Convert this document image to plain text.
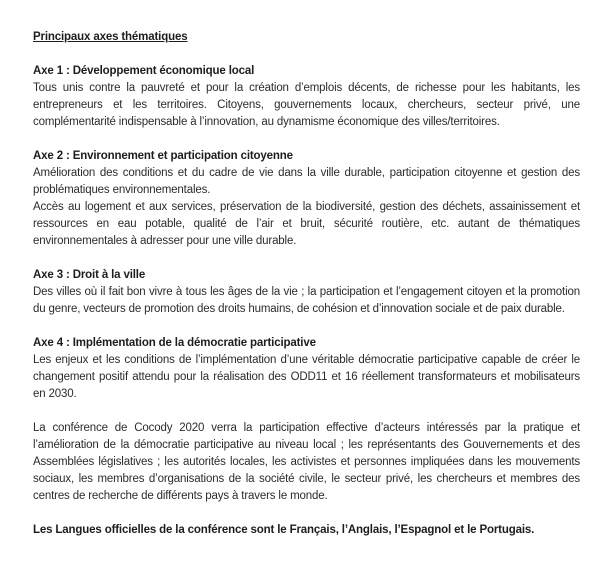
Principaux axes thématiques
Axe 1 : Développement économique local

Tous unis contre la pauvreté et pour la création d’emplois décents, de richesse pour les habitants, les entrepreneurs et les territoires. Citoyens, gouvernements locaux, chercheurs, secteur privé, une complémentarité indispensable à l’innovation, au dynamisme économique des villes/territoires.

Axe 2 : Environnement et participation citoyenne

Amélioration des conditions et du cadre de vie dans la ville durable, participation citoyenne et gestion des problématiques environnementales.

Accès au logement et aux services, préservation de la biodiversité, gestion des déchets, assainissement et ressources en eau potable, qualité de l’air et bruit, sécurité routière, etc. autant de thématiques environnementales à adresser pour une ville durable.

Axe 3 : Droit à la ville

Des villes où il fait bon vivre à tous les âges de la vie ; la participation et l’engagement citoyen et la promotion du genre, vecteurs de promotion des droits humains, de cohésion et d’innovation sociale et de paix durable.

Axe 4 : Implémentation de la démocratie participative

Les enjeux et les conditions de l’implémentation d’une véritable démocratie participative capable de créer le changement positif attendu pour la réalisation des ODD11 et 16 réellement transformateurs et mobilisateurs en 2030.

La conférence de Cocody 2020 verra la participation effective d’acteurs intéressés par la pratique et l’amélioration de la démocratie participative au niveau local ; les représentants des Gouvernements et des Assemblées législatives ; les autorités locales, les activistes et personnes impliquées dans les mouvements sociaux, les membres d’organisations de la société civile, le secteur privé, les chercheurs et membres des centres de recherche de différents pays à travers le monde.

Les Langues officielles de la conférence sont le Français, l’Anglais, l’Espagnol et le Portugais.
